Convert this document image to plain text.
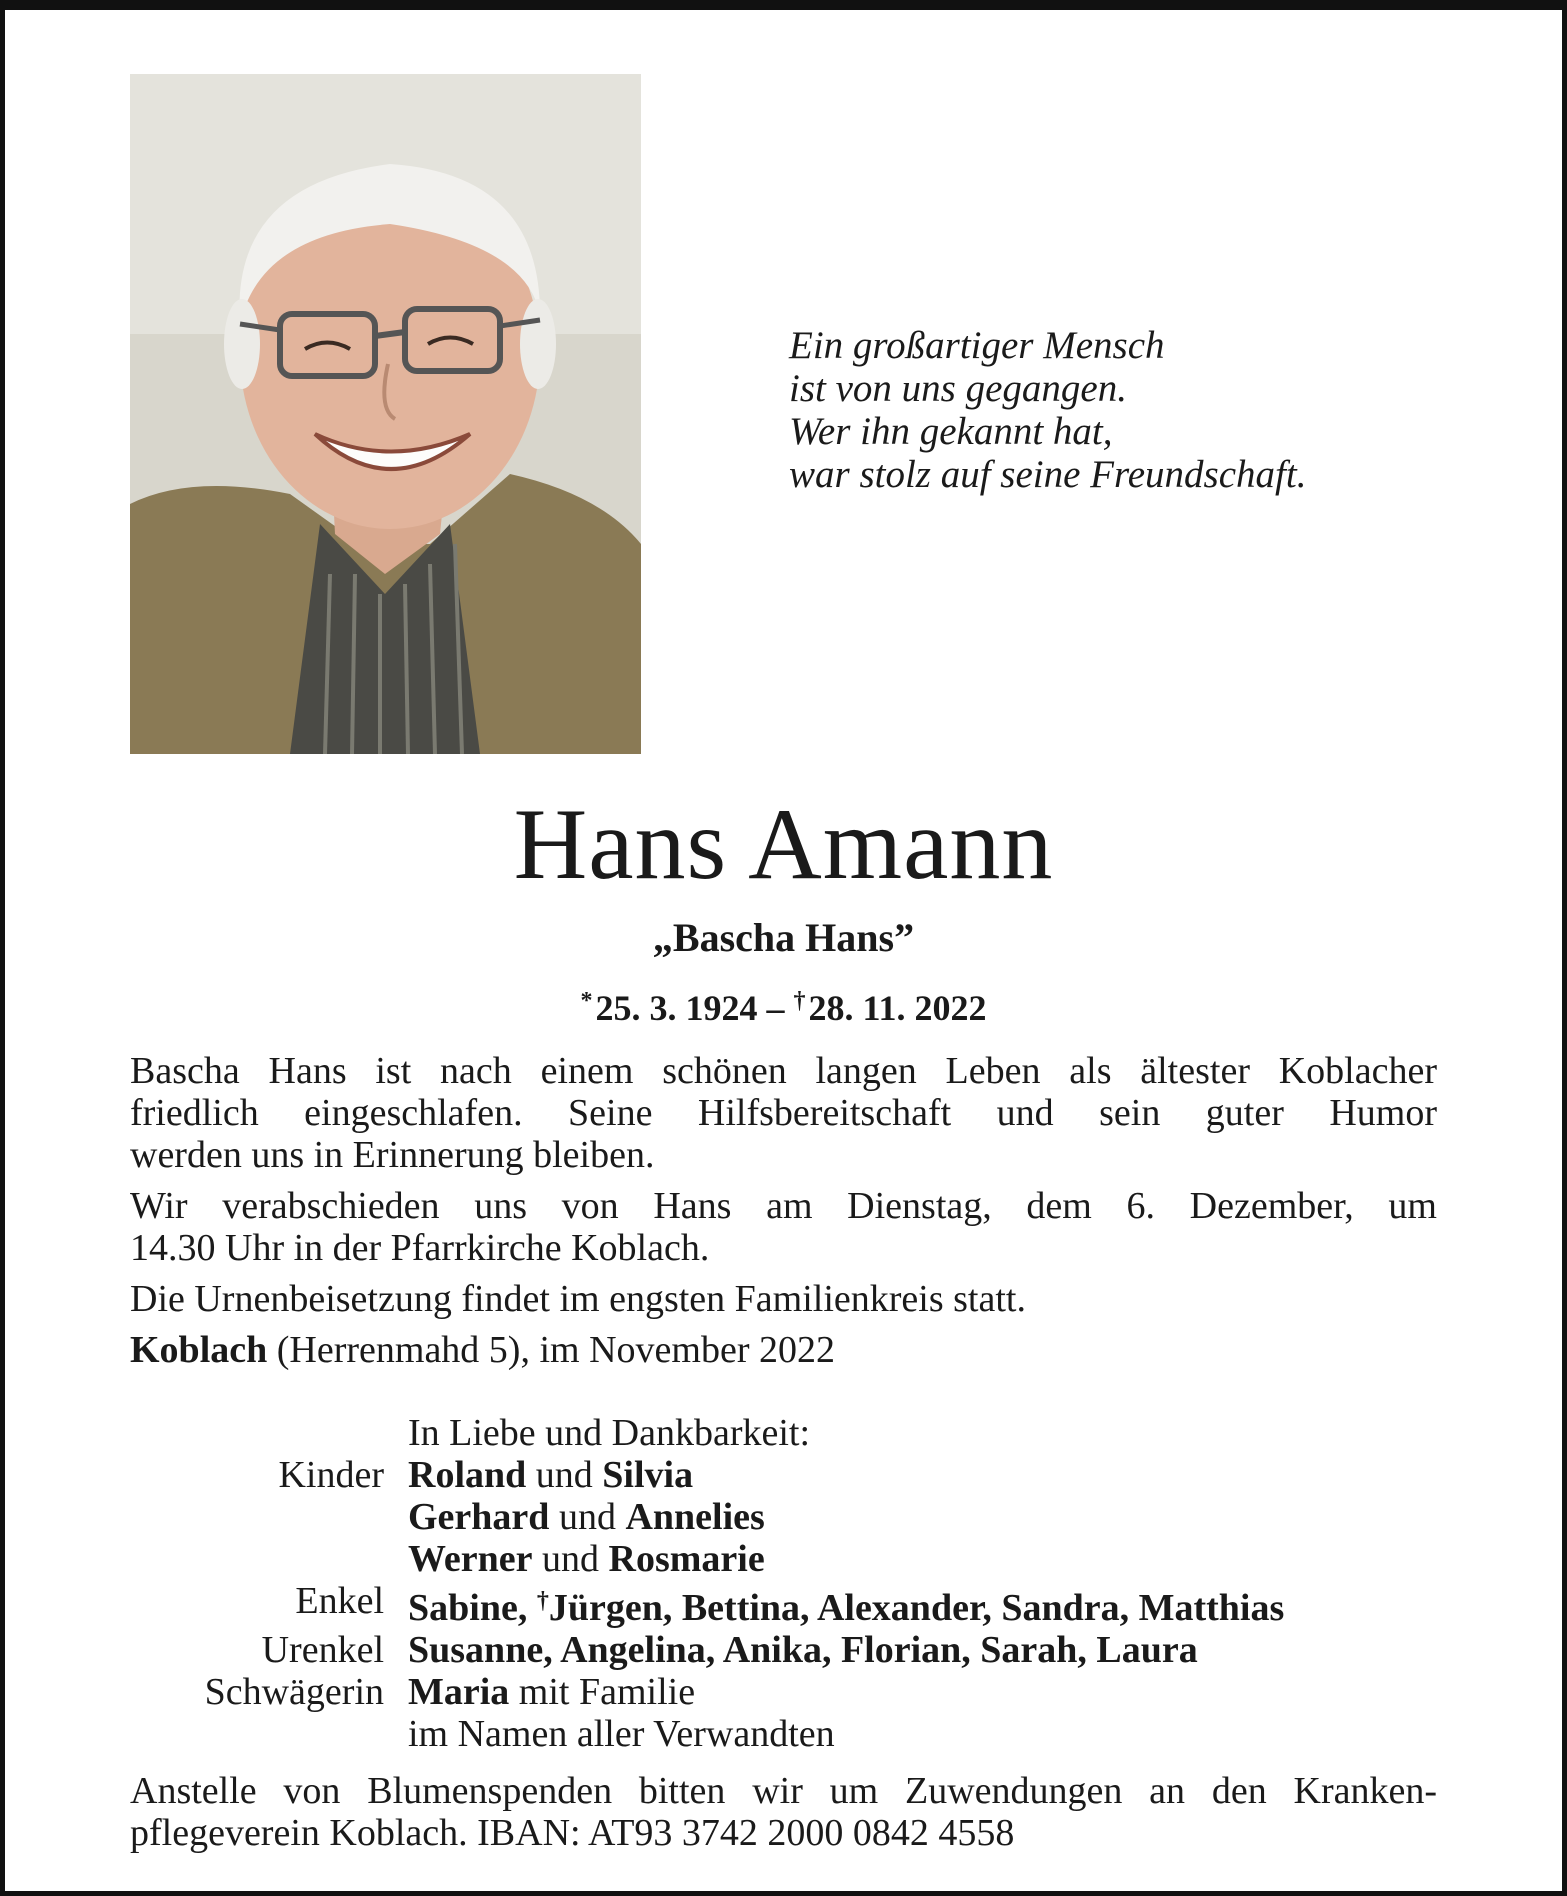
Ein großartiger Mensch
ist von uns gegangen.
Wer ihn gekannt hat,
war stolz auf seine Freundschaft.
Hans Amann
„Bascha Hans”
*25. 3. 1924 – †28. 11. 2022
Bascha Hans ist nach einem schönen langen Leben als ältester Koblacher
friedlich eingeschlafen. Seine Hilfsbereitschaft und sein guter Humor
werden uns in Erinnerung bleiben.
Wir verabschieden uns von Hans am Dienstag, dem 6. Dezember, um
14.30 Uhr in der Pfarrkirche Koblach.
Die Urnenbeisetzung findet im engsten Familienkreis statt.
Koblach (Herrenmahd 5), im November 2022
In Liebe und Dankbarkeit:
Kinder Roland und Silvia
Gerhard und Annelies
Werner und Rosmarie
Enkel Sabine, †Jürgen, Bettina, Alexander, Sandra, Matthias
Urenkel Susanne, Angelina, Anika, Florian, Sarah, Laura
Schwägerin Maria mit Familie
im Namen aller Verwandten
Anstelle von Blumenspenden bitten wir um Zuwendungen an den Kranken-
pflegeverein Koblach. IBAN: AT93 3742 2000 0842 4558
